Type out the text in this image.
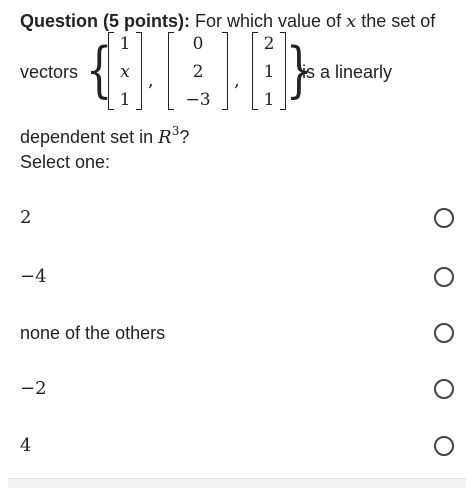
Question (5 points): For which value of x the set of
vectors { 1
x
1
,
0
2
−3
,
2
1
1 }
is a linearly
dependent set in $R^3$?
Select one:
2
−4
none of the others
−2
4
